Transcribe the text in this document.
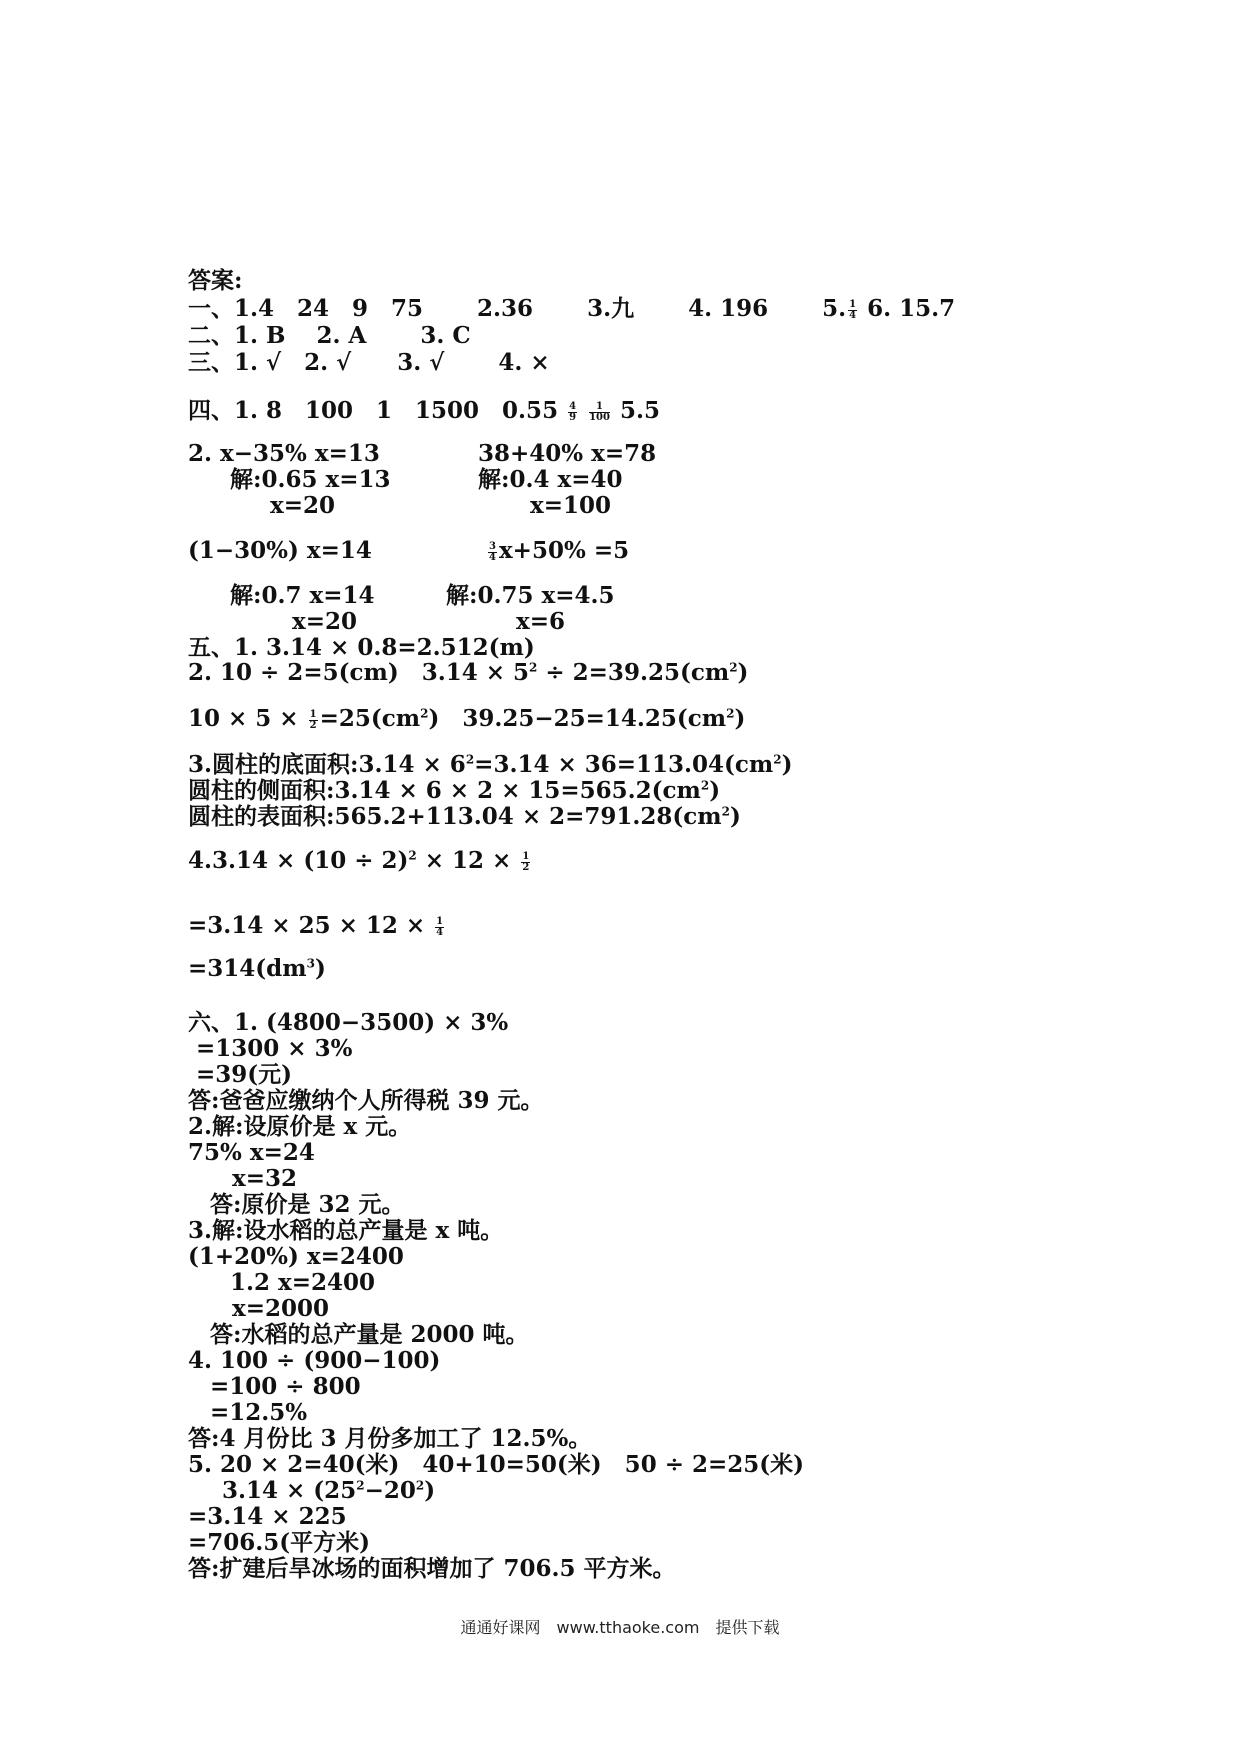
答案:
一、1.4　24　9　75　　 2.36　　 3.九　　 4. 196　　 5. $\frac{1}{4} 6$. 15.7
二、1. B　 2. A　　 3. C
三、1. √　2. √　　3. √　　 4. ×
四、1. 8　100　1　1500　$0.55 \frac{4}{9}$
$\frac{1}{100} 5.5$
2. x−35% x=13	38+40% x=78
解:0.65 x=13	解:0.4 x=40
x=20	x=100
(1−30%) x=14	$\frac{3}{4} x+50\% =5$
解:0.7 x=14	解:0.75 x=4.5
x=20	x=6
五、1. 3.14 × 0.8=2.512(m)
2. 10 ÷ 2=5(cm)　$3.14 \times 5^2 \div 2=39.25(cm^2)$
$10 \times 5 \times \frac{1}{2} =25(cm^2)$　$39.25-25=14.25(cm^2)$
3.圆柱的底面积:3.14 × $6^2=3.14 \times 36=113.04(cm^2)$
圆柱的侧面积:3.14 × $6 \times 2 \times 15=565.2(cm^2)$
圆柱的表面积:565.2+113.04 × $2=791.28(cm^2)$
$4.3.14 \times (10 \div 2)^2 \times 12 \times \frac{1}{2}$
$=3.14 \times 25 \times 12 \times \frac{1}{4}$
$=314(dm^3)$
六、1. (4800−3500) × 3%
=1300 × 3%
=39(元)
答:爸爸应缴纳个人所得税 39 元。
2.解:设原价是 x 元。
75% x=24
x=32
答:原价是 32 元。
3.解:设水稻的总产量是 x 吨。
(1+20%) x=2400
1.2 x=2400
x=2000
答:水稻的总产量是 2000 吨。
4. 100 ÷ (900−100)
=100 ÷ 800
=12.5%
答:4 月份比 3 月份多加工了 12.5%。
5. 20 × 2=40(米)　40+10=50(米)　50 ÷ 2=25(米)
$3.14 \times (25^2-20^2)$
=3.14 × 225
=706.5(平方米)
答:扩建后旱冰场的面积增加了 706.5 平方米。
通通好课网　www.tthaoke.com　提供下载
